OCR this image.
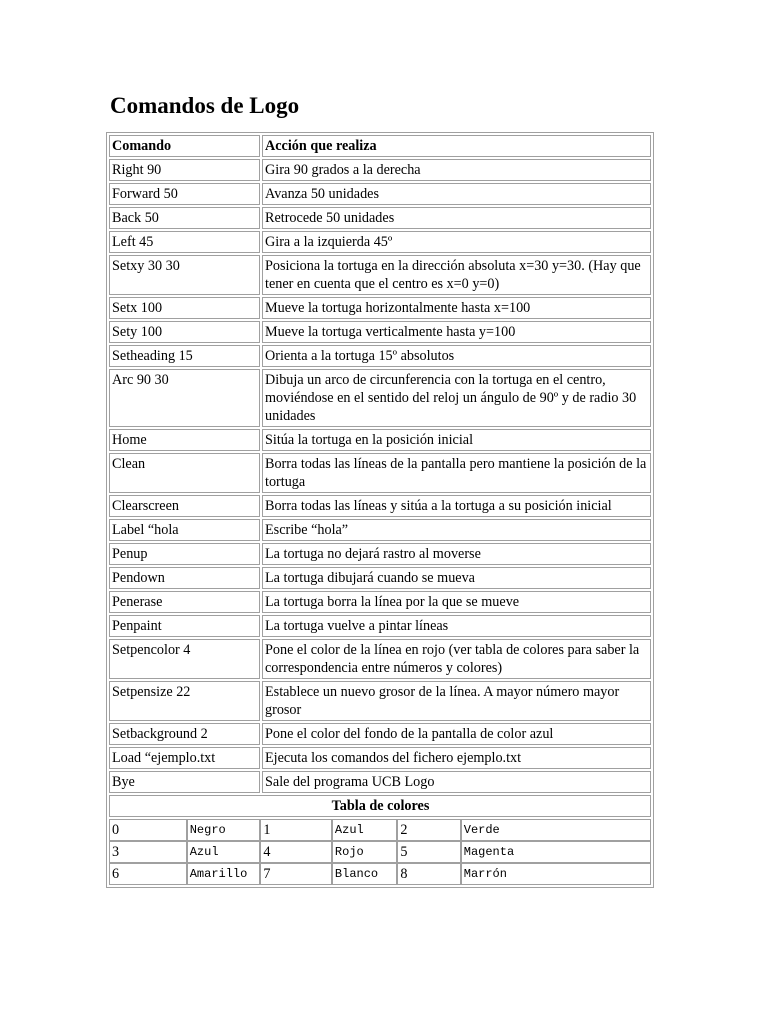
Comandos de Logo
Comando	Acción que realiza
Right 90	Gira 90 grados a la derecha
Forward 50	Avanza 50 unidades
Back 50	Retrocede 50 unidades
Left 45	Gira a la izquierda 45º
Setxy 30 30	Posiciona la tortuga en la dirección absoluta x=30 y=30. (Hay que tener en cuenta que el centro es x=0 y=0)
Setx 100	Mueve la tortuga horizontalmente hasta x=100
Sety 100	Mueve la tortuga verticalmente hasta y=100
Setheading 15	Orienta a la tortuga 15º absolutos
Arc 90 30	Dibuja un arco de circunferencia con la tortuga en el centro, moviéndose en el sentido del reloj un ángulo de 90º y de radio 30 unidades
Home	Sitúa la tortuga en la posición inicial
Clean	Borra todas las líneas de la pantalla pero mantiene la posición de la tortuga
Clearscreen	Borra todas las líneas y sitúa a la tortuga a su posición inicial
Label “hola	Escribe “hola”
Penup	La tortuga no dejará rastro al moverse
Pendown	La tortuga dibujará cuando se mueva
Penerase	La tortuga borra la línea por la que se mueve
Penpaint	La tortuga vuelve a pintar líneas
Setpencolor 4	Pone el color de la línea en rojo (ver tabla de colores para saber la correspondencia entre números y colores)
Setpensize 22	Establece un nuevo grosor de la línea. A mayor número mayor grosor
Setbackground 2	Pone el color del fondo de la pantalla de color azul
Load “ejemplo.txt	Ejecuta los comandos del fichero ejemplo.txt
Bye	Sale del programa UCB Logo
Tabla de colores

0	Negro	1	Azul	2	Verde
3	Azul	4	Rojo	5	Magenta
6	Amarillo	7	Blanco	8	Marrón
